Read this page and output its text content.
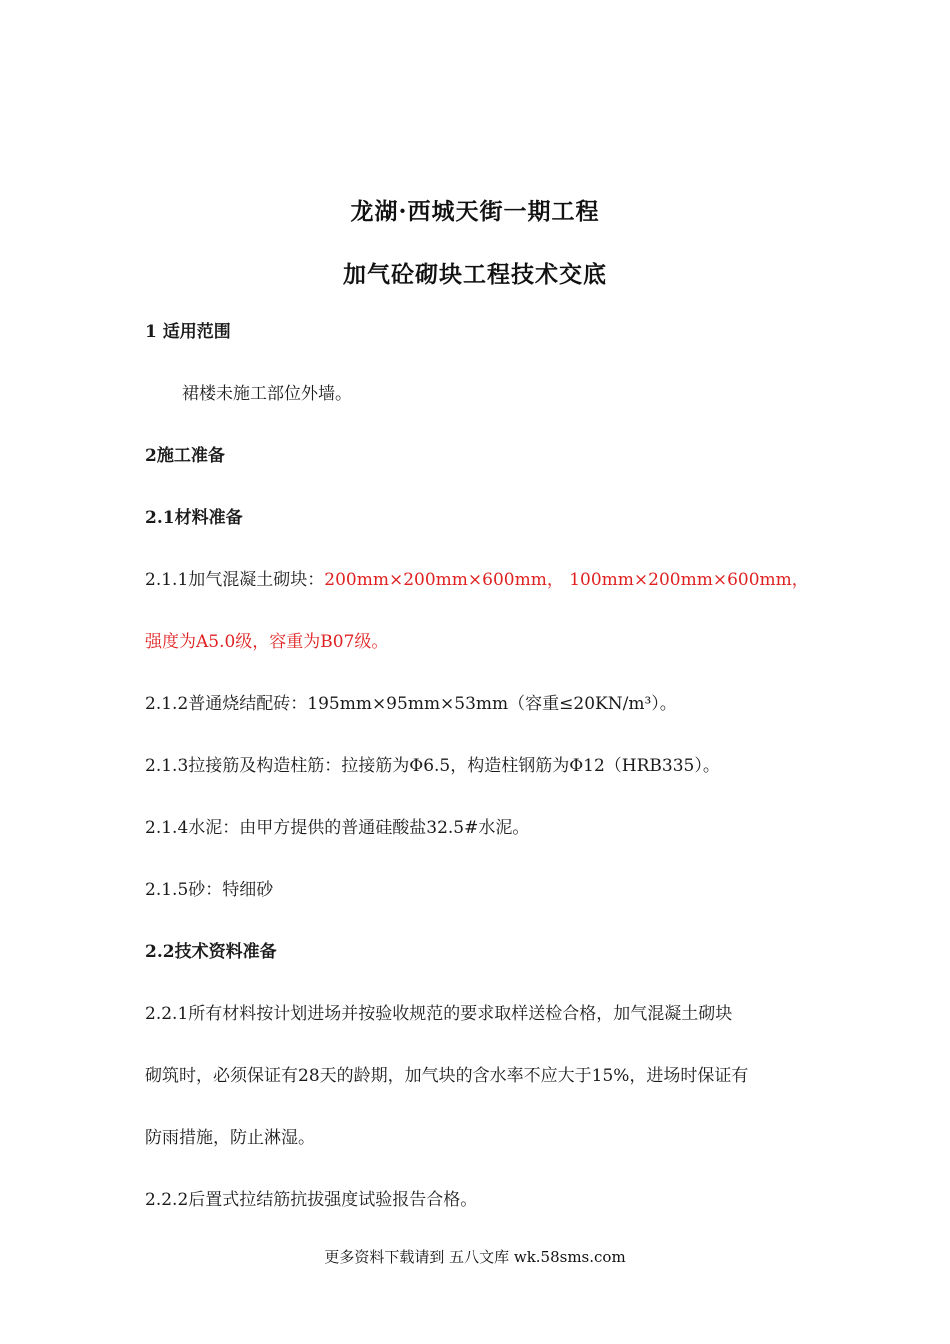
龙湖·西城天街一期工程
加气砼砌块工程技术交底
1 适用范围
裙楼未施工部位外墙。
2施工准备
2.1材料准备
2.1.1加气混凝土砌块：200mm×200mm×600mm， 100mm×200mm×600mm，
强度为A5.0级，容重为B07级。
2.1.2普通烧结配砖：195mm×95mm×53mm（容重≤20KN/m³）。
2.1.3拉接筋及构造柱筋：拉接筋为Φ6.5，构造柱钢筋为Φ12（HRB335）。
2.1.4水泥：由甲方提供的普通硅酸盐32.5#水泥。
2.1.5砂：特细砂
2.2技术资料准备
2.2.1所有材料按计划进场并按验收规范的要求取样送检合格，加气混凝土砌块
砌筑时，必须保证有28天的龄期，加气块的含水率不应大于15%，进场时保证有
防雨措施，防止淋湿。
2.2.2后置式拉结筋抗拔强度试验报告合格。
更多资料下载请到 五八文库 wk.58sms.com
